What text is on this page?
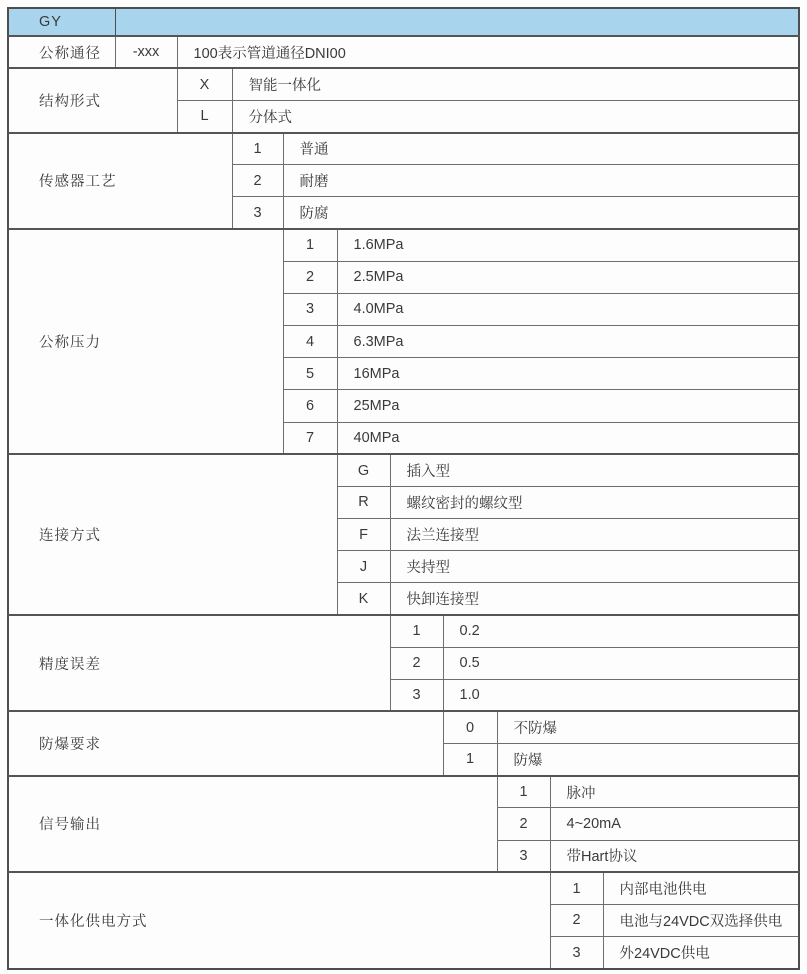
GY										
公称通径	-xxx	100表示管道通径DNI00								
结构形式		X	智能一体化							
		L	分体式							
传感器工艺			1	普通						
			2	耐磨						
			3	防腐						
公称压力				1	1.6MPa					
				2	2.5MPa					
				3	4.0MPa					
				4	6.3MPa					
				5	16MPa					
				6	25MPa					
				7	40MPa					
连接方式					G	插入型				
					R	螺纹密封的螺纹型				
					F	法兰连接型				
					J	夹持型				
					K	快卸连接型				
精度误差						1	0.2			
						2	0.5			
						3	1.0			
防爆要求							0	不防爆		
							1	防爆		
信号输出								1	脉冲	
								2	4~20mA	
								3	带Hart协议	
一体化供电方式									1	内部电池供电
									2	电池与24VDC双选择供电
									3	外24VDC供电
